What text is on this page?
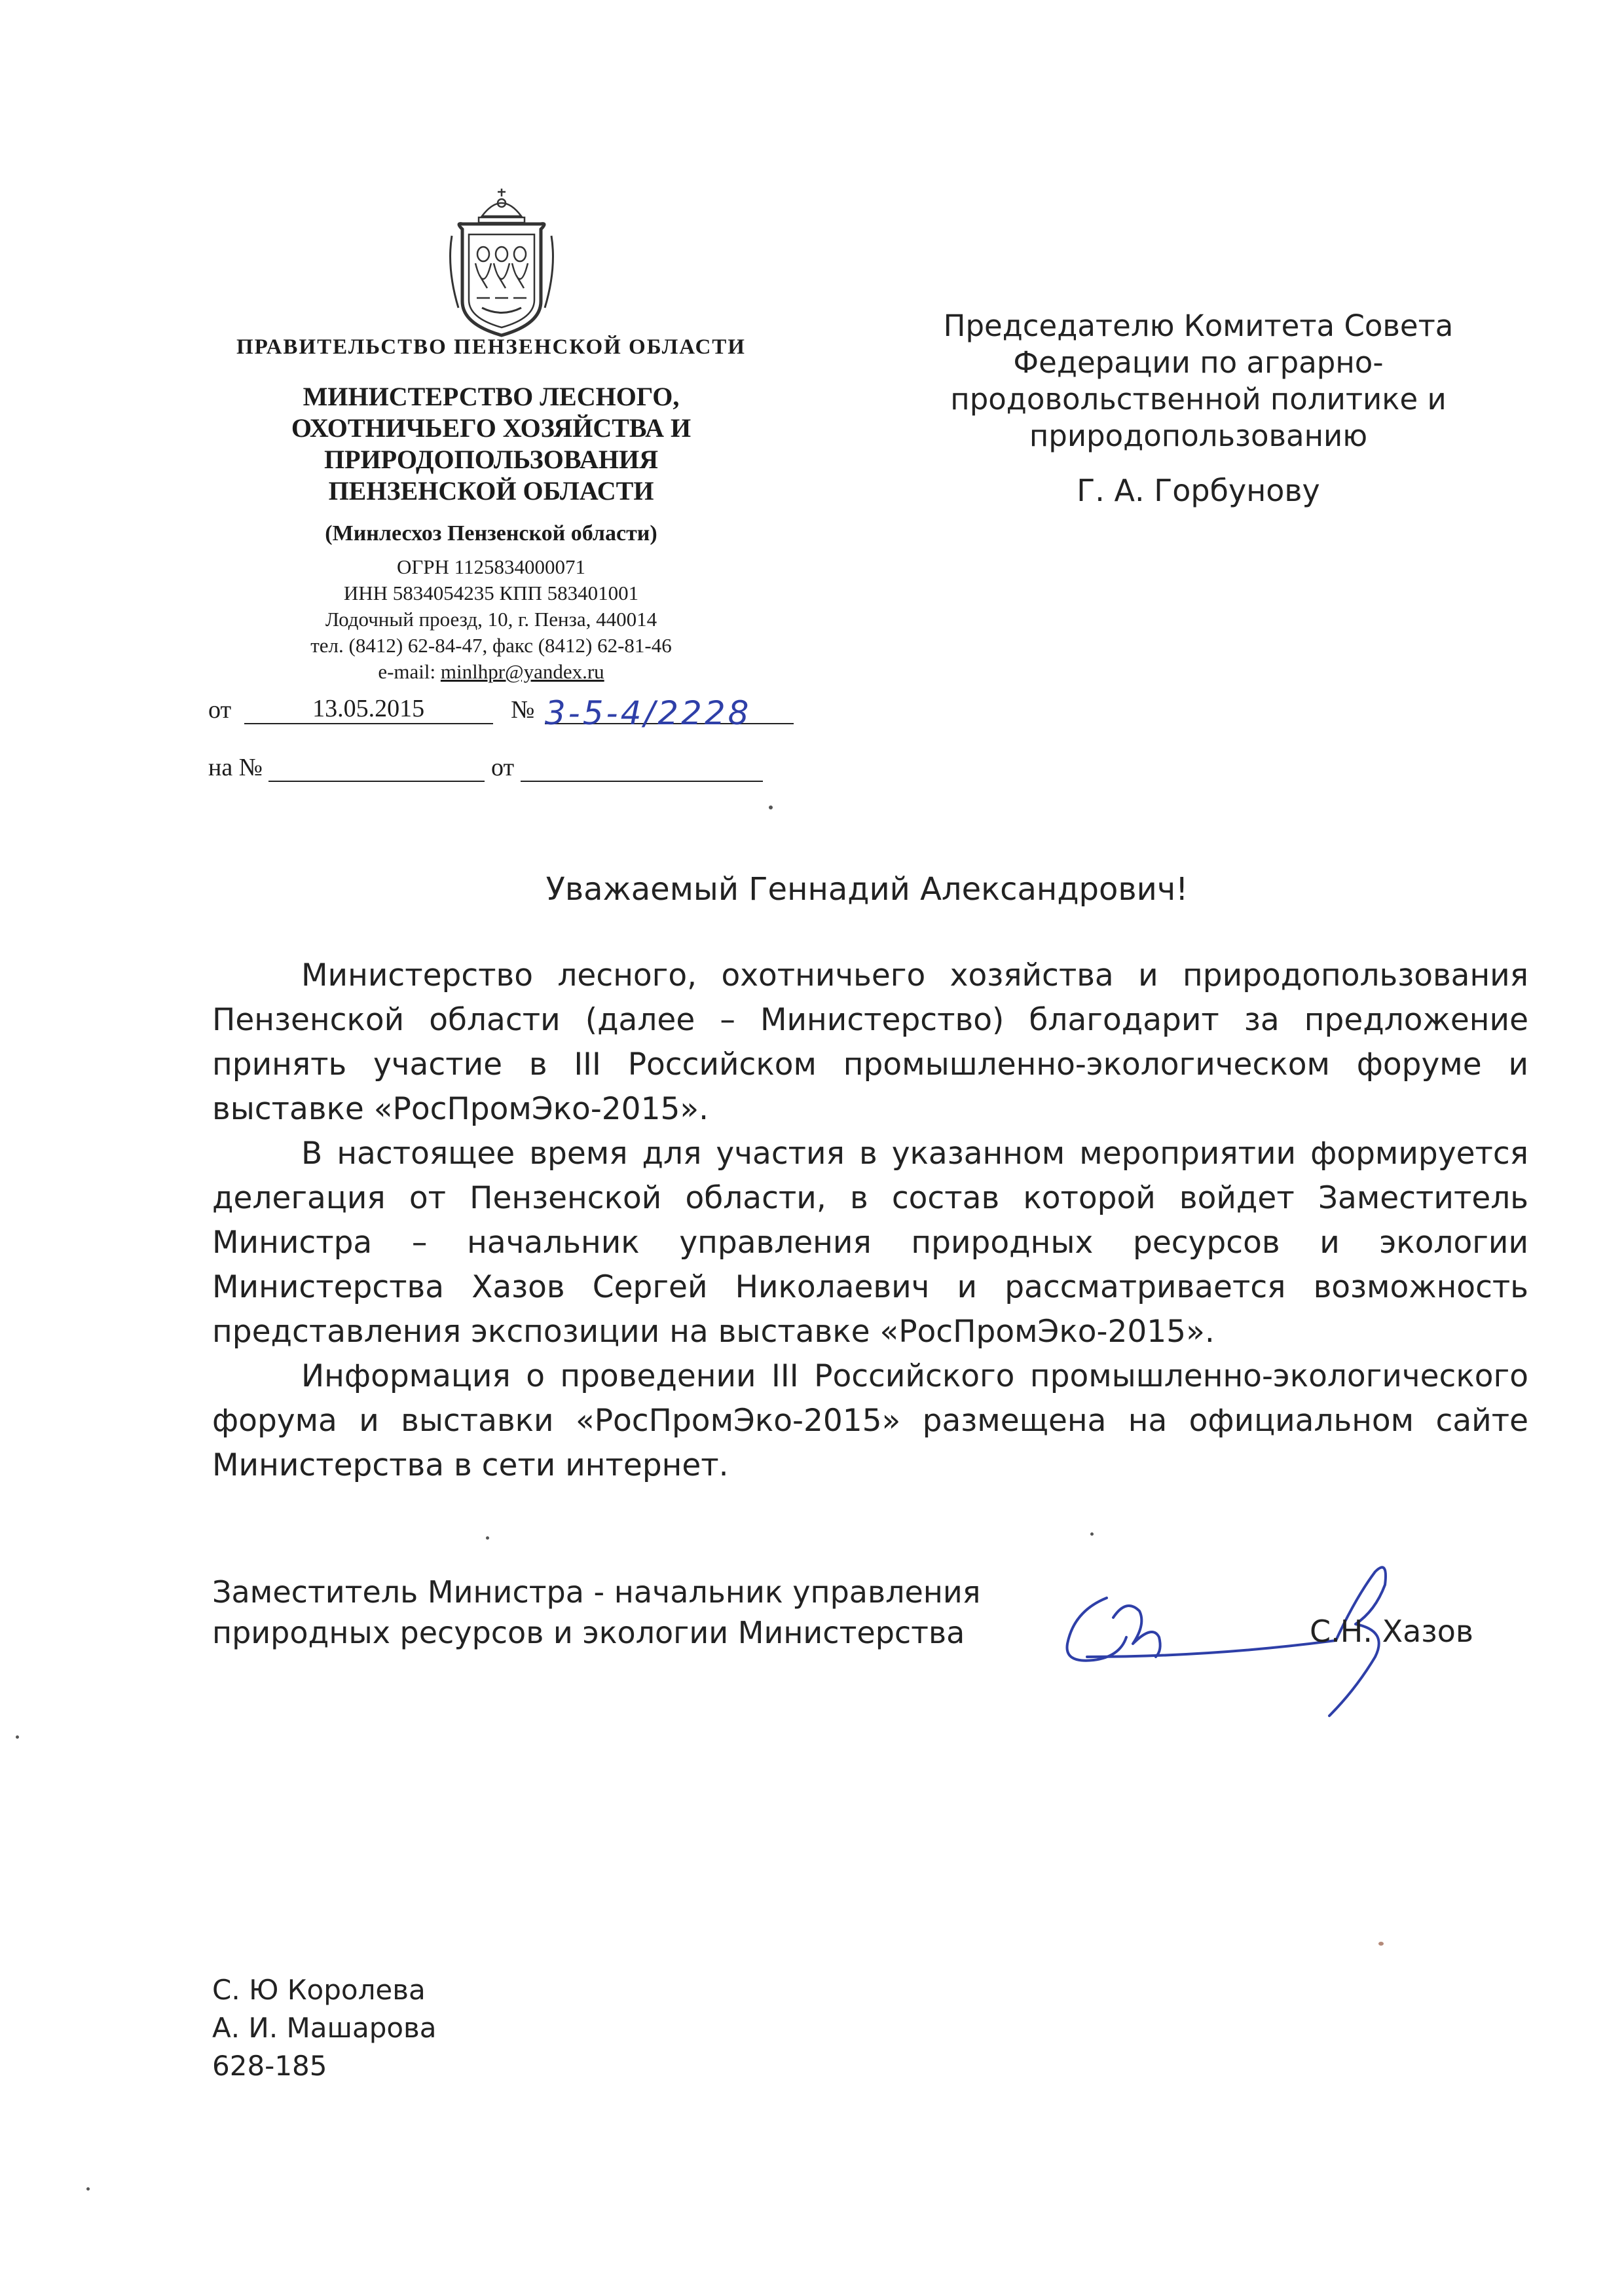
ПРАВИТЕЛЬСТВО ПЕНЗЕНСКОЙ ОБЛАСТИ
МИНИСТЕРСТВО ЛЕСНОГО,
ОХОТНИЧЬЕГО ХОЗЯЙСТВА И
ПРИРОДОПОЛЬЗОВАНИЯ
ПЕНЗЕНСКОЙ ОБЛАСТИ
(Минлесхоз Пензенской области)
ОГРН 1125834000071
ИНН 5834054235 КПП 583401001
Лодочный проезд, 10, г. Пенза, 440014
тел. (8412) 62-84-47, факс (8412) 62-81-46
e-mail: minlhpr@yandex.ru
от	13.05.2015	№ 3-5-4/2228
на №	от
Председателю Комитета Совета
Федерации по аграрно-
продовольственной политике и
природопользованию
Г. А. Горбунову
Уважаемый Геннадий Александрович!

Министерство лесного, охотничьего хозяйства и природопользования Пензенской области (далее – Министерство) благодарит за предложение принять участие в III Российском промышленно-экологическом форуме и выставке «РосПромЭко-2015».

В настоящее время для участия в указанном мероприятии формируется делегация от Пензенской области, в состав которой войдет Заместитель Министра – начальник управления природных ресурсов и экологии Министерства Хазов Сергей Николаевич и рассматривается возможность представления экспозиции на выставке «РосПромЭко-2015».

Информация о проведении III Российского промышленно-экологического форума и выставки «РосПромЭко-2015» размещена на официальном сайте Министерства в сети интернет.

Заместитель Министра - начальник управления
природных ресурсов и экологии Министерства	С.Н. Хазов
С. Ю Королева
А. И. Машарова
628-185
